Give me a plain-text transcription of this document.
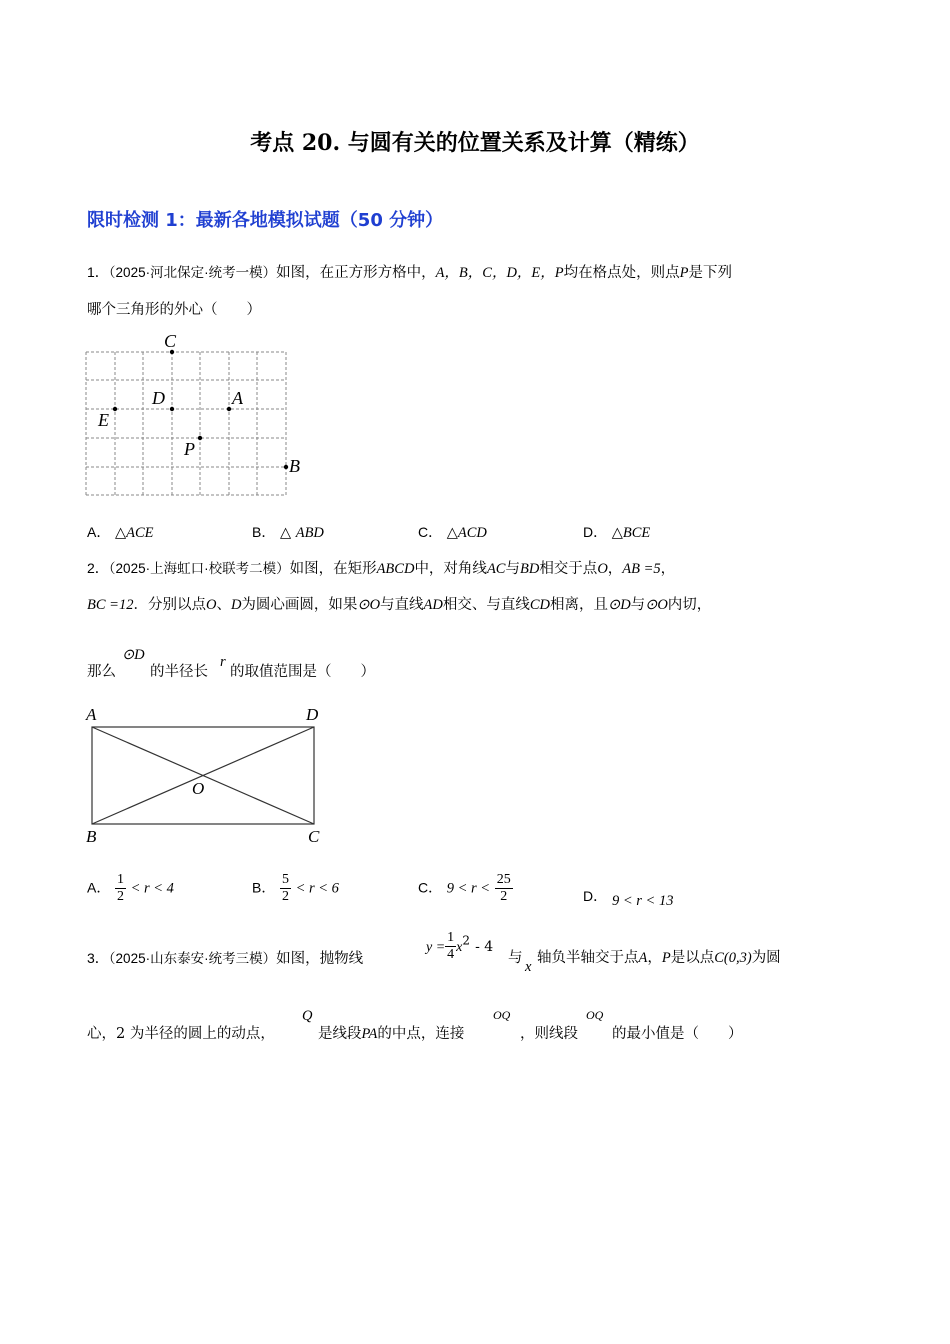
考点 20. 与圆有关的位置关系及计算（精练）
限时检测 1：最新各地模拟试题（50 分钟）
1．（2025·河北保定·统考一模）如图，在正方形方格中，A，B，C，D，E，P均在格点处，则点P是下列
哪个三角形的外心（　　）
C
D	A
E
P
B
A． △ACE	B． △ ABD	C． △ACD	D． △BCE
2．（2025·上海虹口·校联考二模）如图，在矩形ABCD中，对角线AC与BD相交于点O，AB =5，
BC =12．分别以点O、D为圆心画圆，如果⊙O与直线AD相交、与直线CD相离，且⊙D与⊙O内切，
那么
⊙D
的半径长
r
的取值范围是（　　）
A	D
O
B	C
A． $\frac{1}{2} < r < 4$	B． $\frac{5}{2} < r < 6$	C． $9 < r < \frac{25}{2}$	D． 9 < r < 13
3．（2025·山东泰安·统考三模）如图，抛物线
$y = \frac{1}{4} x^2 - 4$
与
x
轴负半轴交于点A，P是以点C(0,3)为圆
心，2 为半径的圆上的动点，
Q
是线段PA的中点，连接
OQ
，则线段
OQ
的最小值是（　　）
